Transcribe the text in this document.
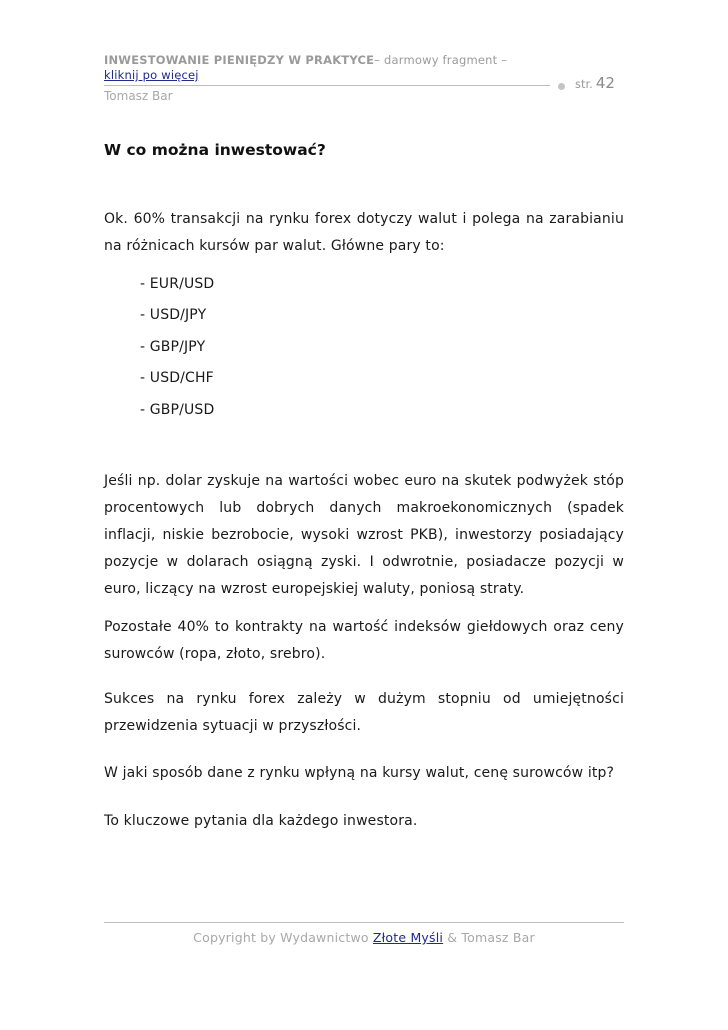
INWESTOWANIE PIENIĘDZY W PRAKTYCE– darmowy fragment – kliknij po więcej
str. 42
Tomasz Bar
W co można inwestować?

Ok. 60% transakcji na rynku forex dotyczy walut i polega na zarabianiu na różnicach kursów par walut. Główne pary to:

- EUR/USD
- USD/JPY
- GBP/JPY
- USD/CHF
- GBP/USD

Jeśli np. dolar zyskuje na wartości wobec euro na skutek podwyżek stóp procentowych lub dobrych danych makroekonomicznych (spadek inflacji, niskie bezrobocie, wysoki wzrost PKB), inwestorzy posiadający pozycje w dolarach osiągną zyski. I odwrotnie, posiadacze pozycji w euro, liczący na wzrost europejskiej waluty, poniosą straty.

Pozostałe 40% to kontrakty na wartość indeksów giełdowych oraz ceny surowców (ropa, złoto, srebro).

Sukces na rynku forex zależy w dużym stopniu od umiejętności przewidzenia sytuacji w przyszłości.

W jaki sposób dane z rynku wpłyną na kursy walut, cenę surowców itp?

To kluczowe pytania dla każdego inwestora.

Copyright by Wydawnictwo Złote Myśli & Tomasz Bar
